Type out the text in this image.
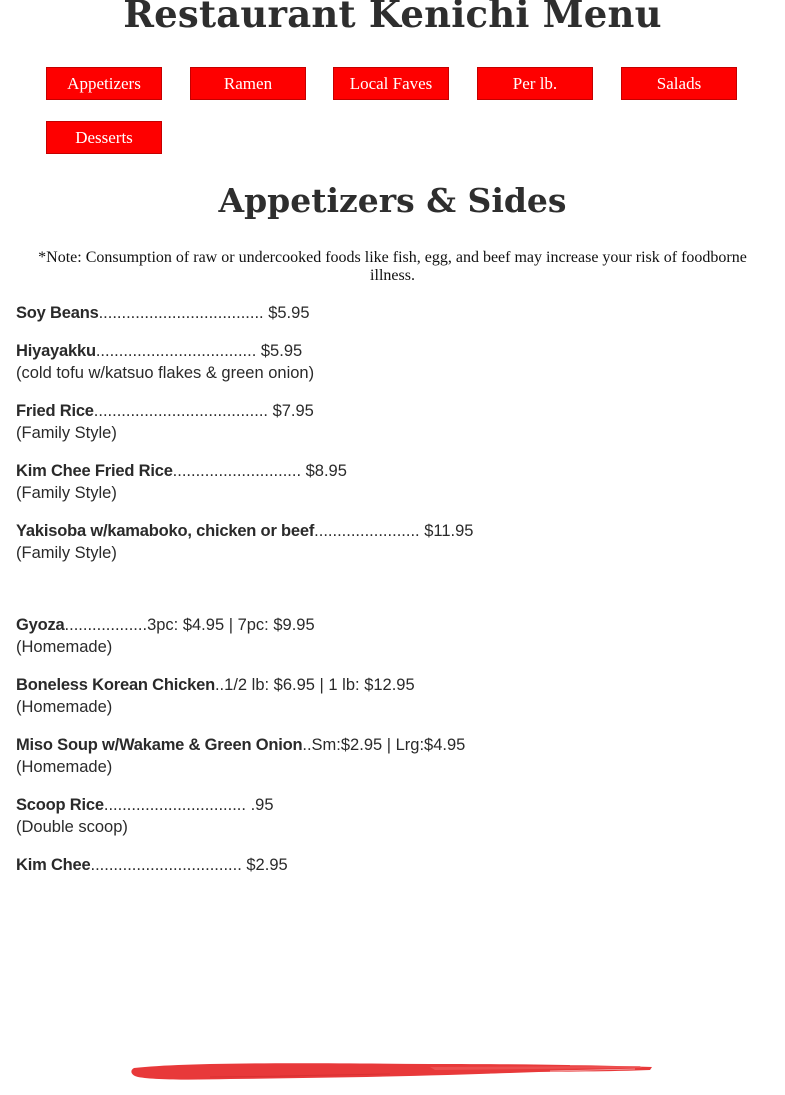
Restaurant Kenichi Menu
Appetizers	Ramen	Local Faves	Per lb.	Salads
Desserts
Appetizers & Sides
*Note: Consumption of raw or undercooked foods like fish, egg, and beef may increase your risk of foodborne illness.
Soy Beans.................................... $5.95
Hiyayakku................................... $5.95
(cold tofu w/katsuo flakes & green onion)
Fried Rice...................................... $7.95
(Family Style)
Kim Chee Fried Rice............................ $8.95
(Family Style)
Yakisoba w/kamaboko, chicken or beef....................... $11.95
(Family Style)
Gyoza..................3pc: $4.95 | 7pc: $9.95
(Homemade)
Boneless Korean Chicken..1/2 lb: $6.95 | 1 lb: $12.95
(Homemade)
Miso Soup w/Wakame & Green Onion..Sm:$2.95 | Lrg:$4.95
(Homemade)
Scoop Rice............................... .95
(Double scoop)
Kim Chee................................. $2.95
